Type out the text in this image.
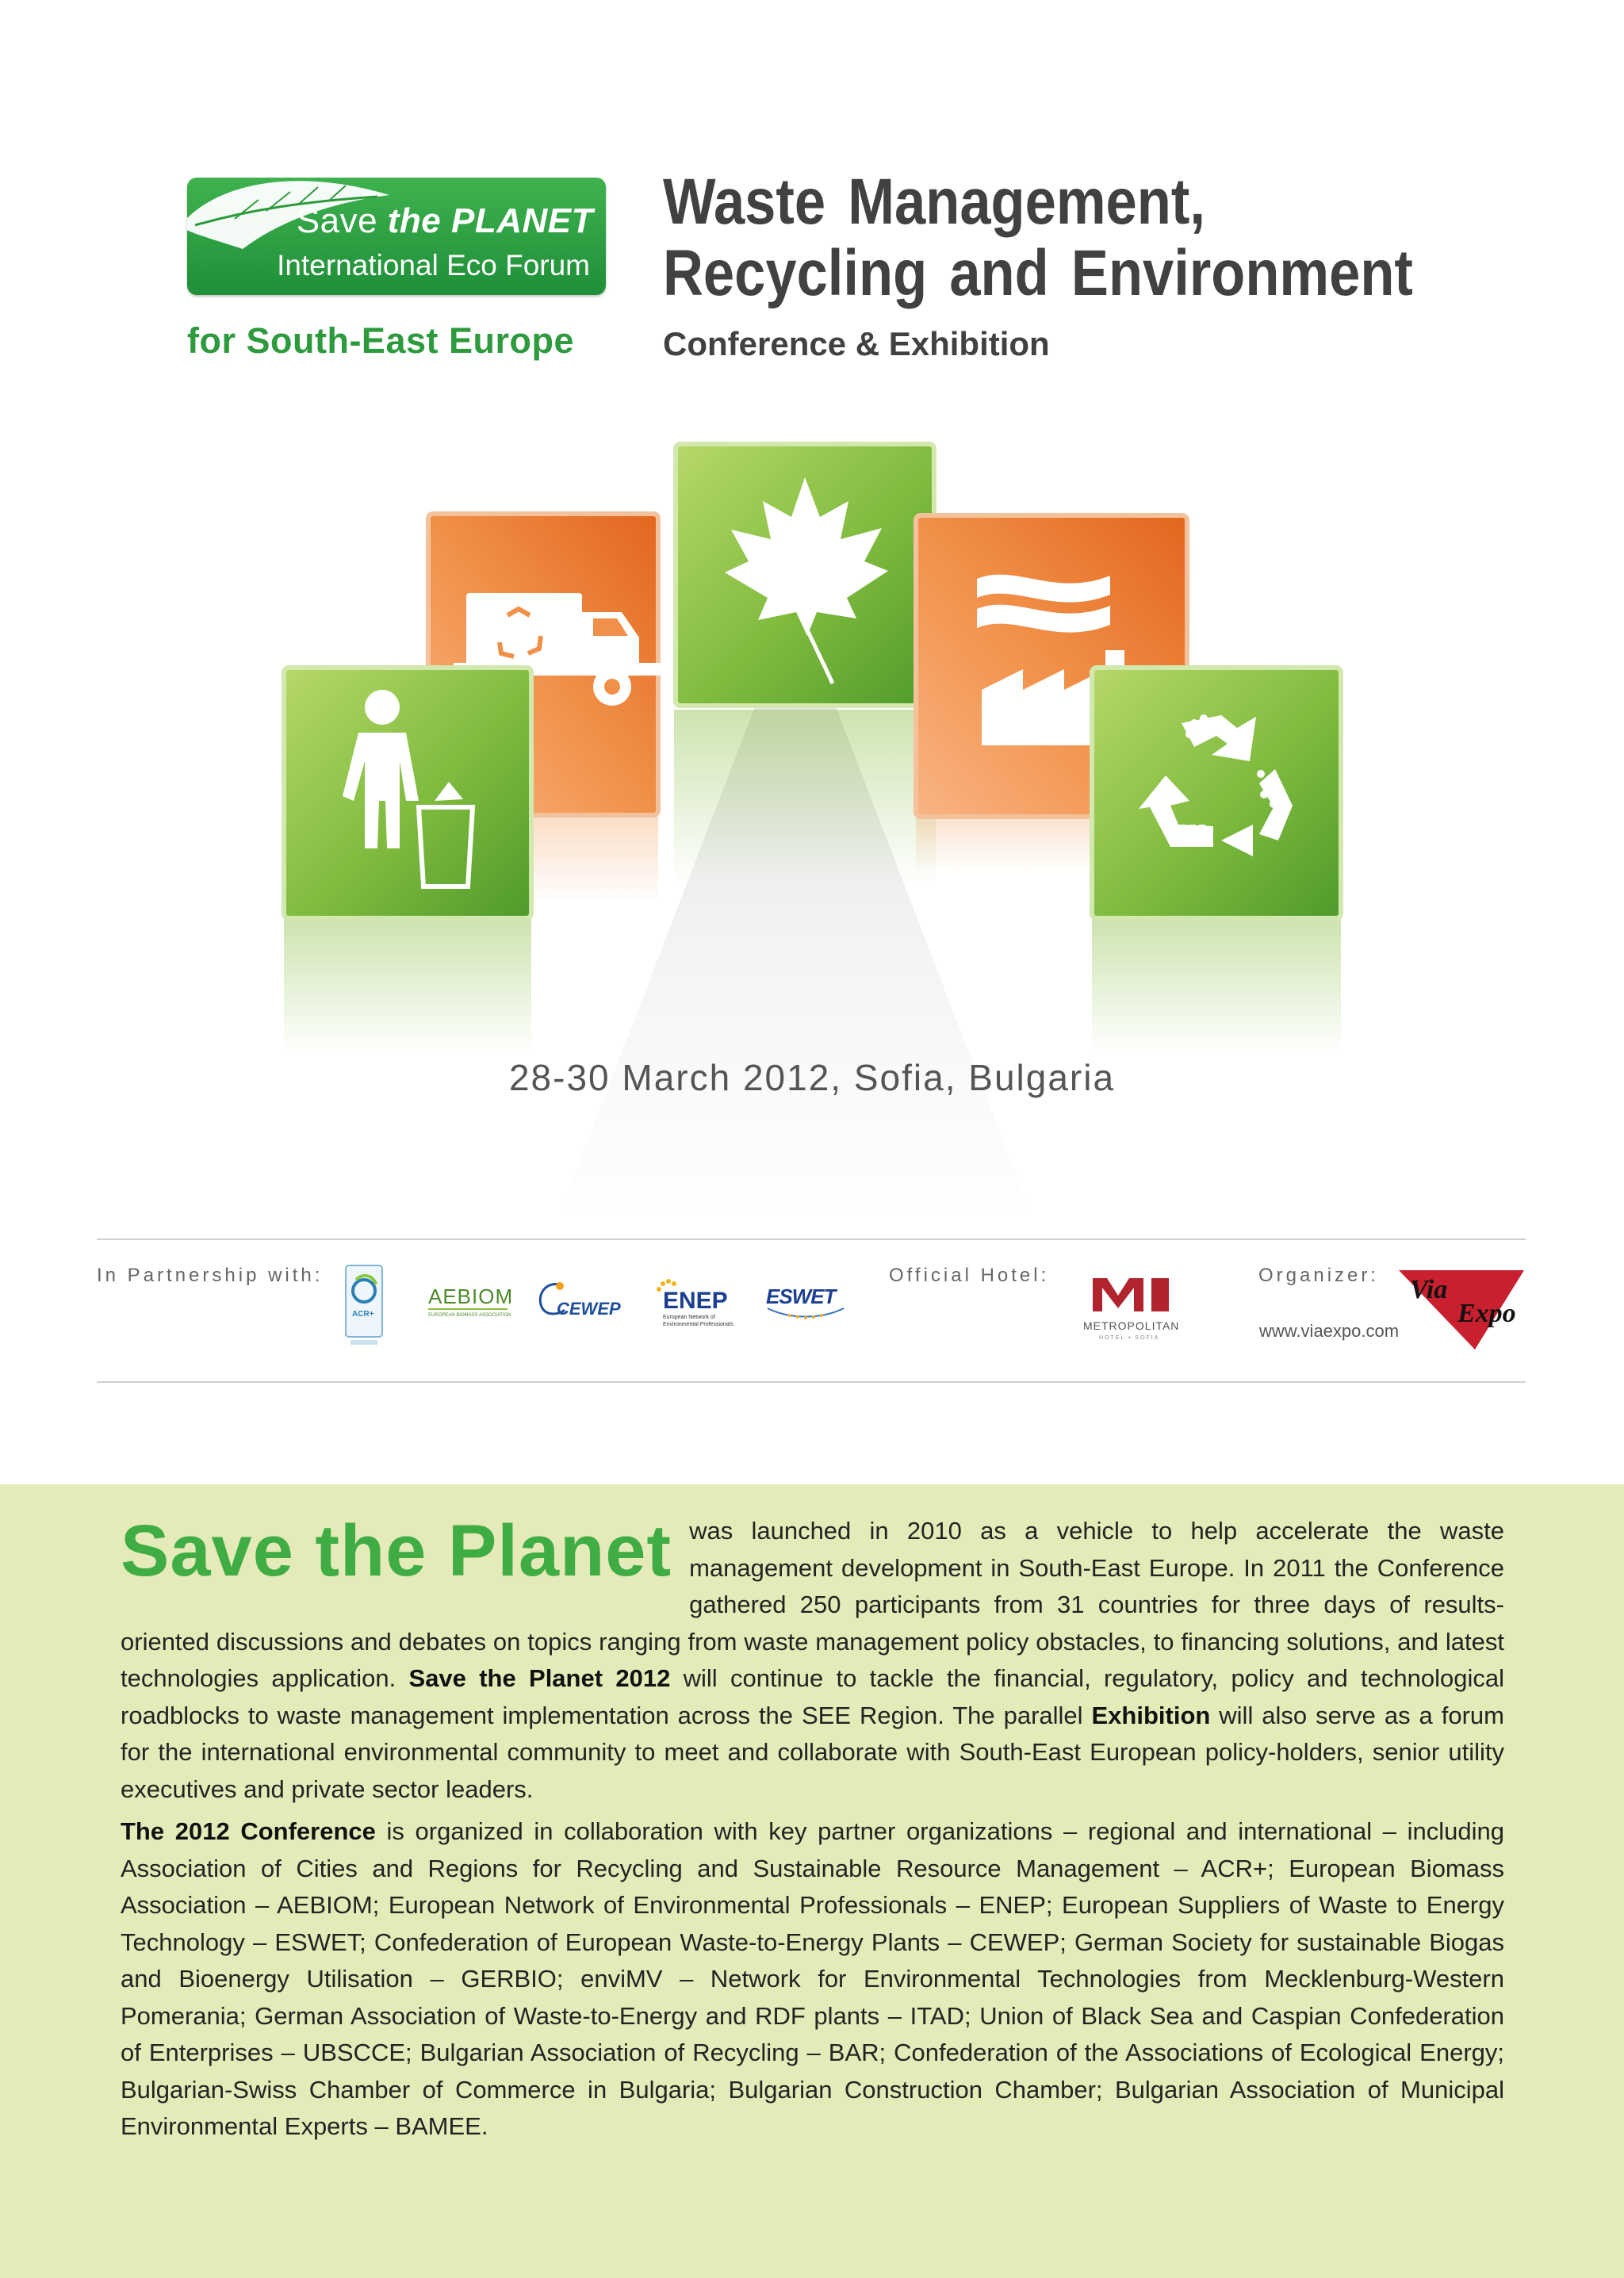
Save the PLANET
International Eco Forum
for South-East Europe
Waste Management,
Recycling and Environment
Conference & Exhibition
28-30 March 2012, Sofia, Bulgaria
In Partnership with:
ACR+
AEBIOM
EUROPEAN BIOMASS ASSOCIATION	CEWEP ENEP
European Network of
Environmental Professionals
ESWET
Official Hotel:
METROPOLITAN
HOTEL • SOFIA
Organizer:
www.viaexpo.com
Via
Expo
Save the Planet was launched in 2010 as a vehicle to help accelerate the waste management development in South-East Europe. In 2011 the Conference gathered 250 participants from 31 countries for three days of results-oriented discussions and debates on topics ranging from waste management policy obstacles, to financing solutions, and latest technologies application. Save the Planet 2012 will continue to tackle the financial, regulatory, policy and technological roadblocks to waste management implementation across the SEE Region. The parallel Exhibition will also serve as a forum for the international environmental community to meet and collaborate with South-East European policy-holders, senior utility executives and private sector leaders.
The 2012 Conference is organized in collaboration with key partner organizations – regional and international – including Association of Cities and Regions for Recycling and Sustainable Resource Management – ACR+; European Biomass Association – AEBIOM; European Network of Environmental Professionals – ENEP; European Suppliers of Waste to Energy Technology – ESWET; Confederation of European Waste-to-Energy Plants – CEWEP; German Society for sustainable Biogas and Bioenergy Utilisation – GERBIO; enviMV – Network for Environmental Technologies from Mecklenburg-Western Pomerania; German Association of Waste-to-Energy and RDF plants – ITAD; Union of Black Sea and Caspian Confederation of Enterprises – UBSCCE; Bulgarian Association of Recycling – BAR; Confederation of the Associations of Ecological Energy; Bulgarian-Swiss Chamber of Commerce in Bulgaria; Bulgarian Construction Chamber; Bulgarian Association of Municipal Environmental Experts – BAMEE.
